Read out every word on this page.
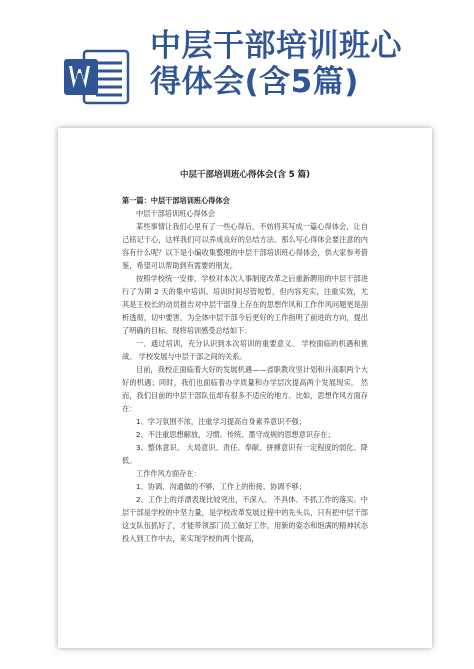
中层干部培训班心
得体会(含5篇)
中层干部培训班心得体会(含 5 篇)

第一篇：中层干部培训班心得体会

中层干部培训班心得体会

某些事情让我们心里有了一些心得后，不妨将其写成一篇心得体会，让自己铭记于心，这样我们可以养成良好的总结方法。那么写心得体会要注意的内容有什么呢？以下是小编收集整理的中层干部培训班心得体会，供大家参考借鉴，希望可以帮助到有需要的朋友。

按照学校统一安排，学校对本次人事制度改革之后重新聘用的中层干部进行了为期 2 天的集中培训。培训时间尽管短暂，但内容充实，注重实效，尤其是王校长的动员报告对中层干部身上存在的思想作风和工作作风问题更是剖析透彻，切中要害，为全体中层干部今后更好的工作指明了前进的方向，提出了明确的目标。现将培训感受总结如下：

一、通过培训，充分认识到本次培训的重要意义、 学校面临的机遇和挑战、 学校发展与中层干部之间的关系。

目前，我校正面临着大好的发展机遇——省职教攻坚计划和升高职两个大好的机遇；同时，我们也面临着办学质量和办学层次提高两个发展现实。 然而，我们目前的中层干部队伍却有很多不适应的地方。比如，思想作风方面存在：

1、学习氛围不浓，注重学习提高自身素养意识不强；

2、不注重思想解放，习惯、传统、墨守成规的思想意识存在；

3、整体意识、 大局意识、责任、奉献、拼搏意识有一定程度的弱化、降低。

工作作风方面存在：

1、协调、沟通做的不够，工作上的衔接、协调不够；

2、工作上的浮漂表现比较突出，不深入、 不具体、不抓工作的落实。中层干部是学校的中坚力量，是学校改革发展过程中的先头兵，只有把中层干部这支队伍抓好了，才能带领部门员工做好工作，用新的姿态和饱满的精神状态投入到工作中去，来实现学校的两个提高，
